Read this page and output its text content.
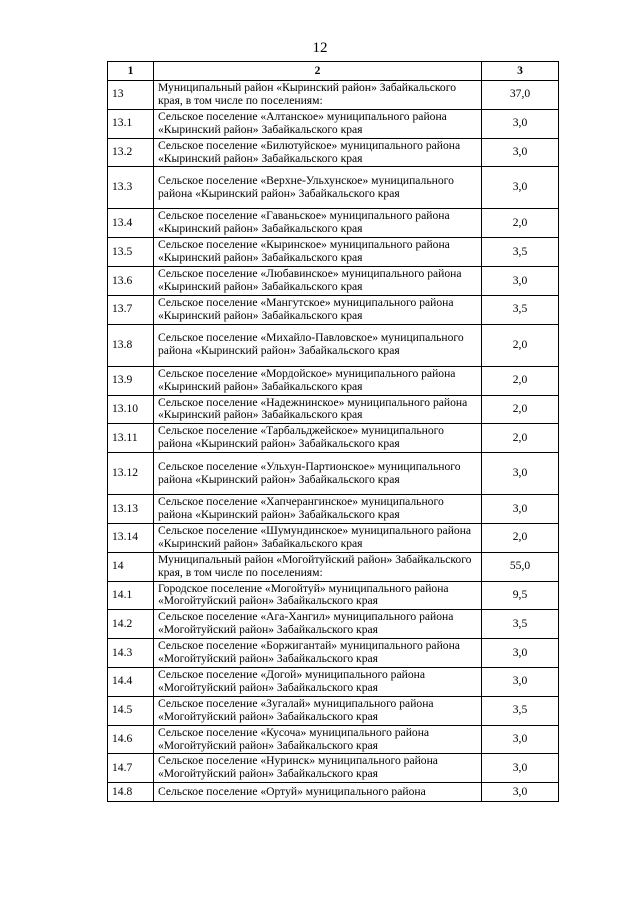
12
1	2	3
13	Муниципальный район «Кыринский район» Забайкальского края, в том числе по поселениям:	37,0
13.1	Сельское поселение «Алтанское» муниципального района «Кыринский район» Забайкальского края	3,0
13.2	Сельское поселение «Билютуйское» муниципального района «Кыринский район» Забайкальского края	3,0
13.3	Сельское поселение «Верхне-Ульхунское» муниципального района «Кыринский район» Забайкальского края	3,0
13.4	Сельское поселение «Гаваньское» муниципального района «Кыринский район» Забайкальского края	2,0
13.5	Сельское поселение «Кыринское» муниципального района «Кыринский район» Забайкальского края	3,5
13.6	Сельское поселение «Любавинское» муниципального района «Кыринский район» Забайкальского края	3,0
13.7	Сельское поселение «Мангутское» муниципального района «Кыринский район» Забайкальского края	3,5
13.8	Сельское поселение «Михайло-Павловское» муниципального района «Кыринский район» Забайкальского края	2,0
13.9	Сельское поселение «Мордойское» муниципального района «Кыринский район» Забайкальского края	2,0
13.10	Сельское поселение «Надежнинское» муниципального района «Кыринский район» Забайкальского края	2,0
13.11	Сельское поселение «Тарбальджейское» муниципального района «Кыринский район» Забайкальского края	2,0
13.12	Сельское поселение «Ульхун-Партионское» муниципального района «Кыринский район» Забайкальского края	3,0
13.13	Сельское поселение «Хапчерангинское» муниципального района «Кыринский район» Забайкальского края	3,0
13.14	Сельское поселение «Шумундинское» муниципального района «Кыринский район» Забайкальского края	2,0
14	Муниципальный район «Могойтуйский район» Забайкальского края, в том числе по поселениям:	55,0
14.1	Городское поселение «Могойтуй» муниципального района «Могойтуйский район» Забайкальского края	9,5
14.2	Сельское поселение «Ага-Хангил» муниципального района «Могойтуйский район» Забайкальского края	3,5
14.3	Сельское поселение «Боржигантай» муниципального района «Могойтуйский район» Забайкальского края	3,0
14.4	Сельское поселение «Догой» муниципального района «Могойтуйский район» Забайкальского края	3,0
14.5	Сельское поселение «Зугалай» муниципального района «Могойтуйский район» Забайкальского края	3,5
14.6	Сельское поселение «Кусоча» муниципального района «Могойтуйский район» Забайкальского края	3,0
14.7	Сельское поселение «Нуринск» муниципального района «Могойтуйский район» Забайкальского края	3,0
14.8	Сельское поселение «Ортуй» муниципального района	3,0
